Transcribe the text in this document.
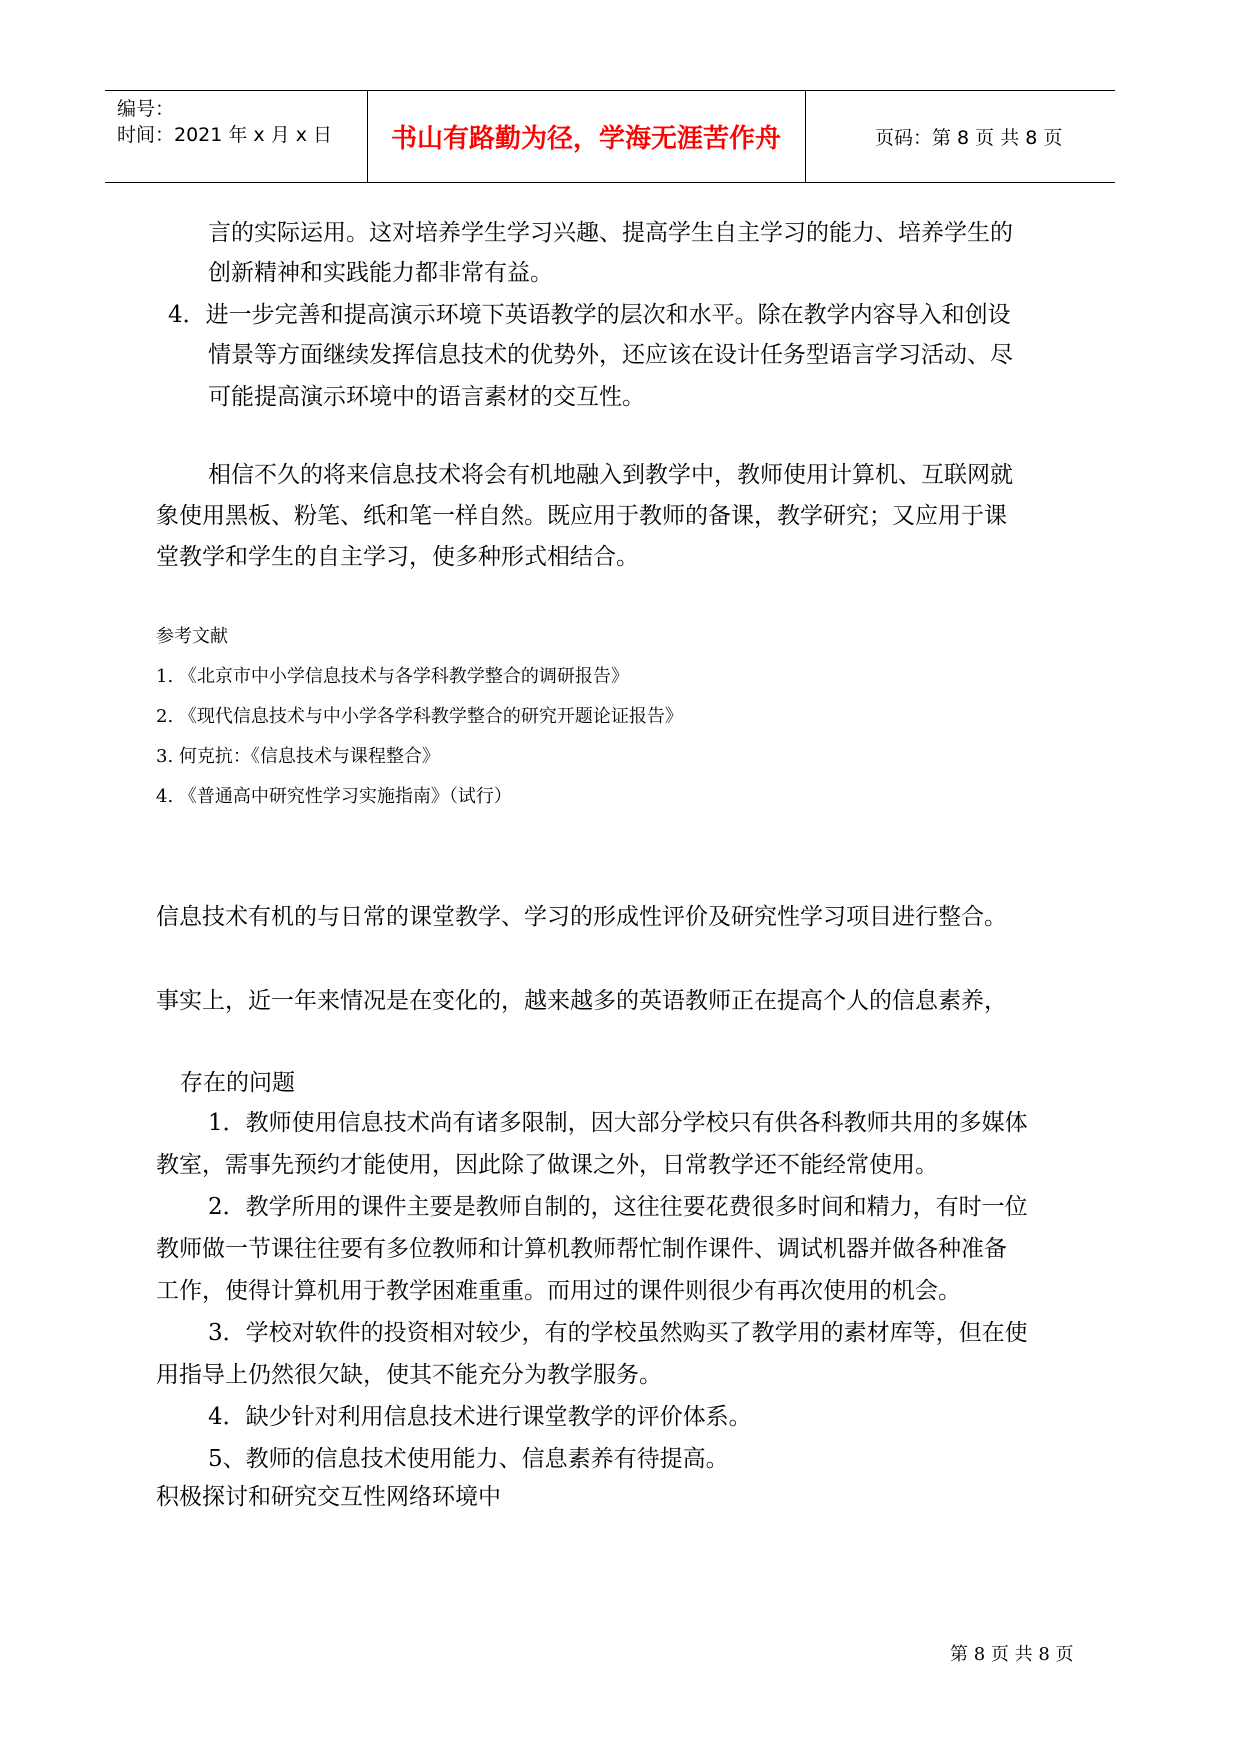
编号：
时间：2021 年 x 月 x 日	书山有路勤为径，学海无涯苦作舟	页码：第 8 页 共 8 页
言的实际运用。这对培养学生学习兴趣、提高学生自主学习的能力、培养学生的
创新精神和实践能力都非常有益。
4．进一步完善和提高演示环境下英语教学的层次和水平。除在教学内容导入和创设
情景等方面继续发挥信息技术的优势外，还应该在设计任务型语言学习活动、尽
可能提高演示环境中的语言素材的交互性。
相信不久的将来信息技术将会有机地融入到教学中，教师使用计算机、互联网就
象使用黑板、粉笔、纸和笔一样自然。既应用于教师的备课，教学研究；又应用于课
堂教学和学生的自主学习，使多种形式相结合。
参考文献
1. 《北京市中小学信息技术与各学科教学整合的调研报告》
2. 《现代信息技术与中小学各学科教学整合的研究开题论证报告》
3. 何克抗：《信息技术与课程整合》
4. 《普通高中研究性学习实施指南》（试行）
信息技术有机的与日常的课堂教学、学习的形成性评价及研究性学习项目进行整合。
事实上，近一年来情况是在变化的，越来越多的英语教师正在提高个人的信息素养，
存在的问题
1．教师使用信息技术尚有诸多限制，因大部分学校只有供各科教师共用的多媒体
教室，需事先预约才能使用，因此除了做课之外，日常教学还不能经常使用。
2．教学所用的课件主要是教师自制的，这往往要花费很多时间和精力，有时一位
教师做一节课往往要有多位教师和计算机教师帮忙制作课件、调试机器并做各种准备
工作，使得计算机用于教学困难重重。而用过的课件则很少有再次使用的机会。
3．学校对软件的投资相对较少，有的学校虽然购买了教学用的素材库等，但在使
用指导上仍然很欠缺，使其不能充分为教学服务。
4．缺少针对利用信息技术进行课堂教学的评价体系。
5、教师的信息技术使用能力、信息素养有待提高。
积极探讨和研究交互性网络环境中
第 8 页 共 8 页
